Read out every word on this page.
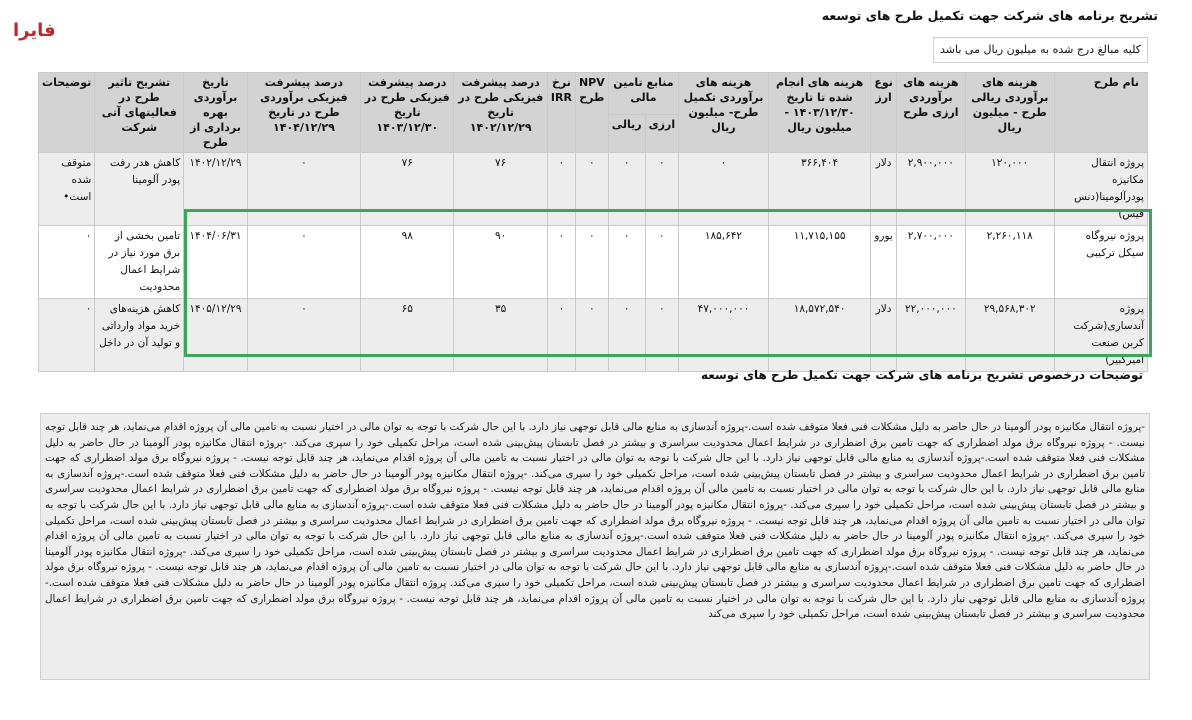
فایرا
تشریح برنامه های شرکت جهت تکمیل طرح های توسعه
کلیه مبالغ درج شده به میلیون ریال می باشد
نام طرح	هزینه های برآوردی ریالی طرح - میلیون ریال	هزینه های برآوردی ارزی طرح	نوع ارز	هزینه های انجام شده تا تاریخ ۱۴۰۳/۱۲/۳۰ - میلیون ریال	هزینه های برآوردی تکمیل طرح- میلیون ریال	منابع تامین مالی		NPV طرح	نرخ IRR	درصد پیشرفت فیزیکی طرح در تاریخ ۱۴۰۲/۱۲/۲۹	درصد پیشرفت فیزیکی طرح در تاریخ ۱۴۰۳/۱۲/۳۰	درصد پیشرفت فیزیکی برآوردی طرح در تاریخ ۱۴۰۴/۱۲/۲۹	تاریخ برآوردی بهره برداری از طرح	تشریح تاثیر طرح در فعالیتهای آتی شرکت	توضیحات
						ارزی	ریالی								
پروژه انتقال مکانیزه پودرآلومینا(دنس فیس)	۱۲۰,۰۰۰	۲,۹۰۰,۰۰۰	دلار	۳۶۶,۴۰۴	۰	۰	۰	۰	۰	۷۶	۷۶	۰	۱۴۰۲/۱۲/۲۹	کاهش هدر رفت پودر آلومینا	متوقف شده است•
پروژه نیروگاه سیکل ترکیبی	۲,۲۶۰,۱۱۸	۲,۷۰۰,۰۰۰	یورو	۱۱,۷۱۵,۱۵۵	۱۸۵,۶۴۲	۰	۰	۰	۰	۹۰	۹۸	۰	۱۴۰۴/۰۶/۳۱	تامین بخشی از برق مورد نیاز در شرایط اعمال محدودیت	۰
پروژه آندساری(شرکت کربن صنعت امیرکبیر)	۲۹,۵۶۸,۳۰۲	۲۲,۰۰۰,۰۰۰	دلار	۱۸,۵۷۲,۵۴۰	۴۷,۰۰۰,۰۰۰	۰	۰	۰	۰	۳۵	۶۵	۰	۱۴۰۵/۱۲/۲۹	کاهش هزینه‌های خرید مواد وارداتی و تولید آن در داخل	۰
توضیحات درخصوص تشریح برنامه های شرکت جهت تکمیل طرح های توسعه
-پروژه انتقال مکانیزه پودر آلومینا در حال حاضر به دلیل مشکلات فنی فعلا متوقف شده است.-پروژه آندسازی به منابع مالی قابل توجهی نیاز دارد. با این حال شرکت با توجه به توان مالی در اختیار نسبت به تامین مالی آن پروژه اقدام می‌نماید، هر چند قابل توجه نیست. - پروژه نیروگاه برق مولد اضطراری که جهت تامین برق اضطراری در شرایط اعمال محدودیت سراسری و بیشتر در فصل تابستان پیش‌بینی شده است، مراحل تکمیلی خود را سپری می‌کند. -پروژه انتقال مکانیزه پودر آلومینا در حال حاضر به دلیل مشکلات فنی فعلا متوقف شده است.-پروژه آندسازی به منابع مالی قابل توجهی نیاز دارد. با این حال شرکت با توجه به توان مالی در اختیار نسبت به تامین مالی آن پروژه اقدام می‌نماید، هر چند قابل توجه نیست. - پروژه نیروگاه برق مولد اضطراری که جهت تامین برق اضطراری در شرایط اعمال محدودیت سراسری و بیشتر در فصل تابستان پیش‌بینی شده است، مراحل تکمیلی خود را سپری می‌کند. -پروژه انتقال مکانیزه پودر آلومینا در حال حاضر به دلیل مشکلات فنی فعلا متوقف شده است.-پروژه آندسازی به منابع مالی قابل توجهی نیاز دارد. با این حال شرکت با توجه به توان مالی در اختیار نسبت به تامین مالی آن پروژه اقدام می‌نماید، هر چند قابل توجه نیست. - پروژه نیروگاه برق مولد اضطراری که جهت تامین برق اضطراری در شرایط اعمال محدودیت سراسری و بیشتر در فصل تابستان پیش‌بینی شده است، مراحل تکمیلی خود را سپری می‌کند. -پروژه انتقال مکانیزه پودر آلومینا در حال حاضر به دلیل مشکلات فنی فعلا متوقف شده است.-پروژه آندسازی به منابع مالی قابل توجهی نیاز دارد. با این حال شرکت با توجه به توان مالی در اختیار نسبت به تامین مالی آن پروژه اقدام می‌نماید، هر چند قابل توجه نیست. - پروژه نیروگاه برق مولد اضطراری که جهت تامین برق اضطراری در شرایط اعمال محدودیت سراسری و بیشتر در فصل تابستان پیش‌بینی شده است، مراحل تکمیلی خود را سپری می‌کند. -پروژه انتقال مکانیزه پودر آلومینا در حال حاضر به دلیل مشکلات فنی فعلا متوقف شده است.-پروژه آندسازی به منابع مالی قابل توجهی نیاز دارد. با این حال شرکت با توجه به توان مالی در اختیار نسبت به تامین مالی آن پروژه اقدام می‌نماید، هر چند قابل توجه نیست. - پروژه نیروگاه برق مولد اضطراری که جهت تامین برق اضطراری در شرایط اعمال محدودیت سراسری و بیشتر در فصل تابستان پیش‌بینی شده است، مراحل تکمیلی خود را سپری می‌کند. -پروژه انتقال مکانیزه پودر آلومینا در حال حاضر به دلیل مشکلات فنی فعلا متوقف شده است.-پروژه آندسازی به منابع مالی قابل توجهی نیاز دارد. با این حال شرکت با توجه به توان مالی در اختیار نسبت به تامین مالی آن پروژه اقدام می‌نماید، هر چند قابل توجه نیست. - پروژه نیروگاه برق مولد اضطراری که جهت تامین برق اضطراری در شرایط اعمال محدودیت سراسری و بیشتر در فصل تابستان پیش‌بینی شده است، مراحل تکمیلی خود را سپری می‌کند. پروژه انتقال مکانیزه پودر آلومینا در حال حاضر به دلیل مشکلات فنی فعلا متوقف شده است.-پروژه آندسازی به منابع مالی قابل توجهی نیاز دارد. با این حال شرکت با توجه به توان مالی در اختیار نسبت به تامین مالی آن پروژه اقدام می‌نماید، هر چند قابل توجه نیست. - پروژه نیروگاه برق مولد اضطراری که جهت تامین برق اضطراری در شرایط اعمال محدودیت سراسری و بیشتر در فصل تابستان پیش‌بینی شده است، مراحل تکمیلی خود را سپری می‌کند
